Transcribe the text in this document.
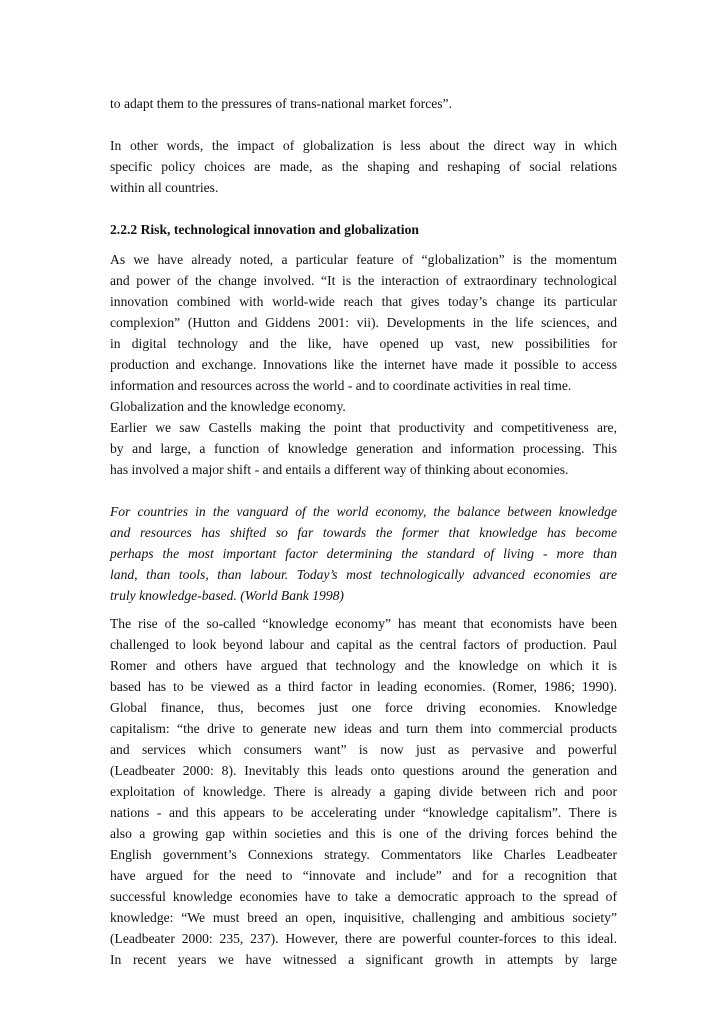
to adapt them to the pressures of trans-national market forces”.
In other words, the impact of globalization is less about the direct way in which
specific policy choices are made, as the shaping and reshaping of social relations
within all countries.
2.2.2 Risk, technological innovation and globalization
As we have already noted, a particular feature of “globalization” is the momentum
and power of the change involved. “It is the interaction of extraordinary technological
innovation combined with world-wide reach that gives today’s change its particular
complexion” (Hutton and Giddens 2001: vii). Developments in the life sciences, and
in digital technology and the like, have opened up vast, new possibilities for
production and exchange. Innovations like the internet have made it possible to access
information and resources across the world - and to coordinate activities in real time.
Globalization and the knowledge economy.
Earlier we saw Castells making the point that productivity and competitiveness are,
by and large, a function of knowledge generation and information processing. This
has involved a major shift - and entails a different way of thinking about economies.
For countries in the vanguard of the world economy, the balance between knowledge
and resources has shifted so far towards the former that knowledge has become
perhaps the most important factor determining the standard of living - more than
land, than tools, than labour. Today’s most technologically advanced economies are
truly knowledge-based. (World Bank 1998)
The rise of the so-called “knowledge economy” has meant that economists have been
challenged to look beyond labour and capital as the central factors of production. Paul
Romer and others have argued that technology and the knowledge on which it is
based has to be viewed as a third factor in leading economies. (Romer, 1986; 1990).
Global finance, thus, becomes just one force driving economies. Knowledge
capitalism: “the drive to generate new ideas and turn them into commercial products
and services which consumers want” is now just as pervasive and powerful
(Leadbeater 2000: 8). Inevitably this leads onto questions around the generation and
exploitation of knowledge. There is already a gaping divide between rich and poor
nations - and this appears to be accelerating under “knowledge capitalism”. There is
also a growing gap within societies and this is one of the driving forces behind the
English government’s Connexions strategy. Commentators like Charles Leadbeater
have argued for the need to “innovate and include” and for a recognition that
successful knowledge economies have to take a democratic approach to the spread of
knowledge: “We must breed an open, inquisitive, challenging and ambitious society”
(Leadbeater 2000: 235, 237). However, there are powerful counter-forces to this ideal.
In recent years we have witnessed a significant growth in attempts by large
